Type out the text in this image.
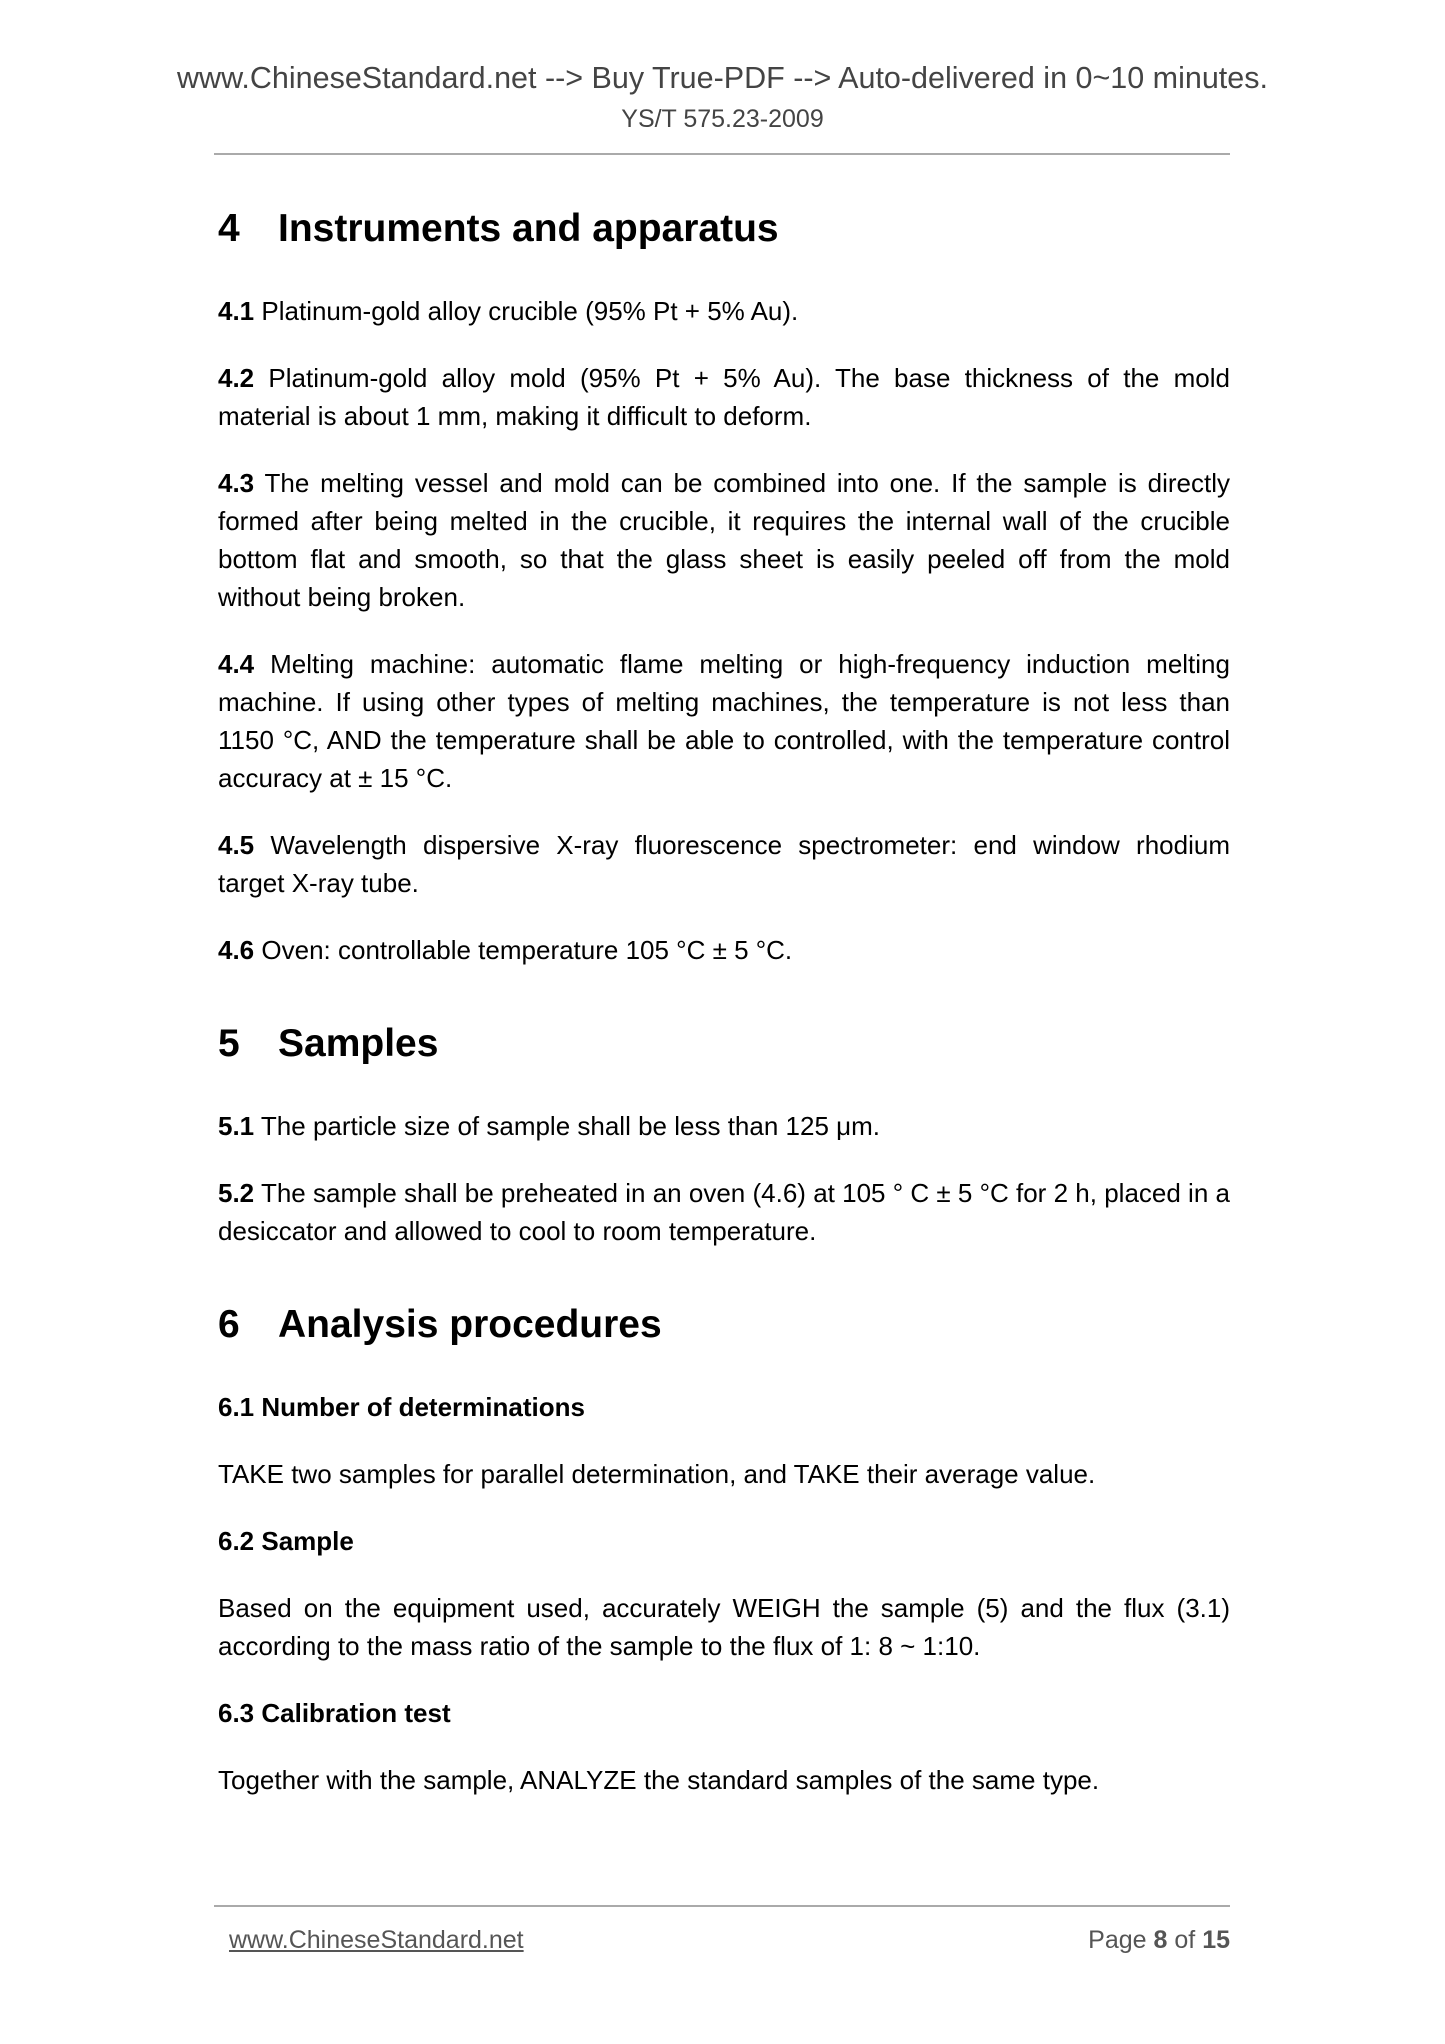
www.ChineseStandard.net --> Buy True-PDF --> Auto-delivered in 0~10 minutes.
YS/T 575.23-2009
4 Instruments and apparatus

4.1 Platinum-gold alloy crucible (95% Pt + 5% Au).

4.2 Platinum-gold alloy mold (95% Pt + 5% Au). The base thickness of the mold material is about 1 mm, making it difficult to deform.

4.3 The melting vessel and mold can be combined into one. If the sample is directly formed after being melted in the crucible, it requires the internal wall of the crucible bottom flat and smooth, so that the glass sheet is easily peeled off from the mold without being broken.

4.4 Melting machine: automatic flame melting or high-frequency induction melting machine. If using other types of melting machines, the temperature is not less than 1150 °C, AND the temperature shall be able to controlled, with the temperature control accuracy at ± 15 °C.

4.5 Wavelength dispersive X-ray fluorescence spectrometer: end window rhodium target X-ray tube.

4.6 Oven: controllable temperature 105 °C ± 5 °C.

5 Samples

5.1 The particle size of sample shall be less than 125 μm.

5.2 The sample shall be preheated in an oven (4.6) at 105 ° C ± 5 °C for 2 h, placed in a desiccator and allowed to cool to room temperature.

6 Analysis procedures
6.1 Number of determinations

TAKE two samples for parallel determination, and TAKE their average value.

6.2 Sample

Based on the equipment used, accurately WEIGH the sample (5) and the flux (3.1) according to the mass ratio of the sample to the flux of 1: 8 ~ 1:10.

6.3 Calibration test

Together with the sample, ANALYZE the standard samples of the same type.

www.ChineseStandard.net	Page 8 of 15
